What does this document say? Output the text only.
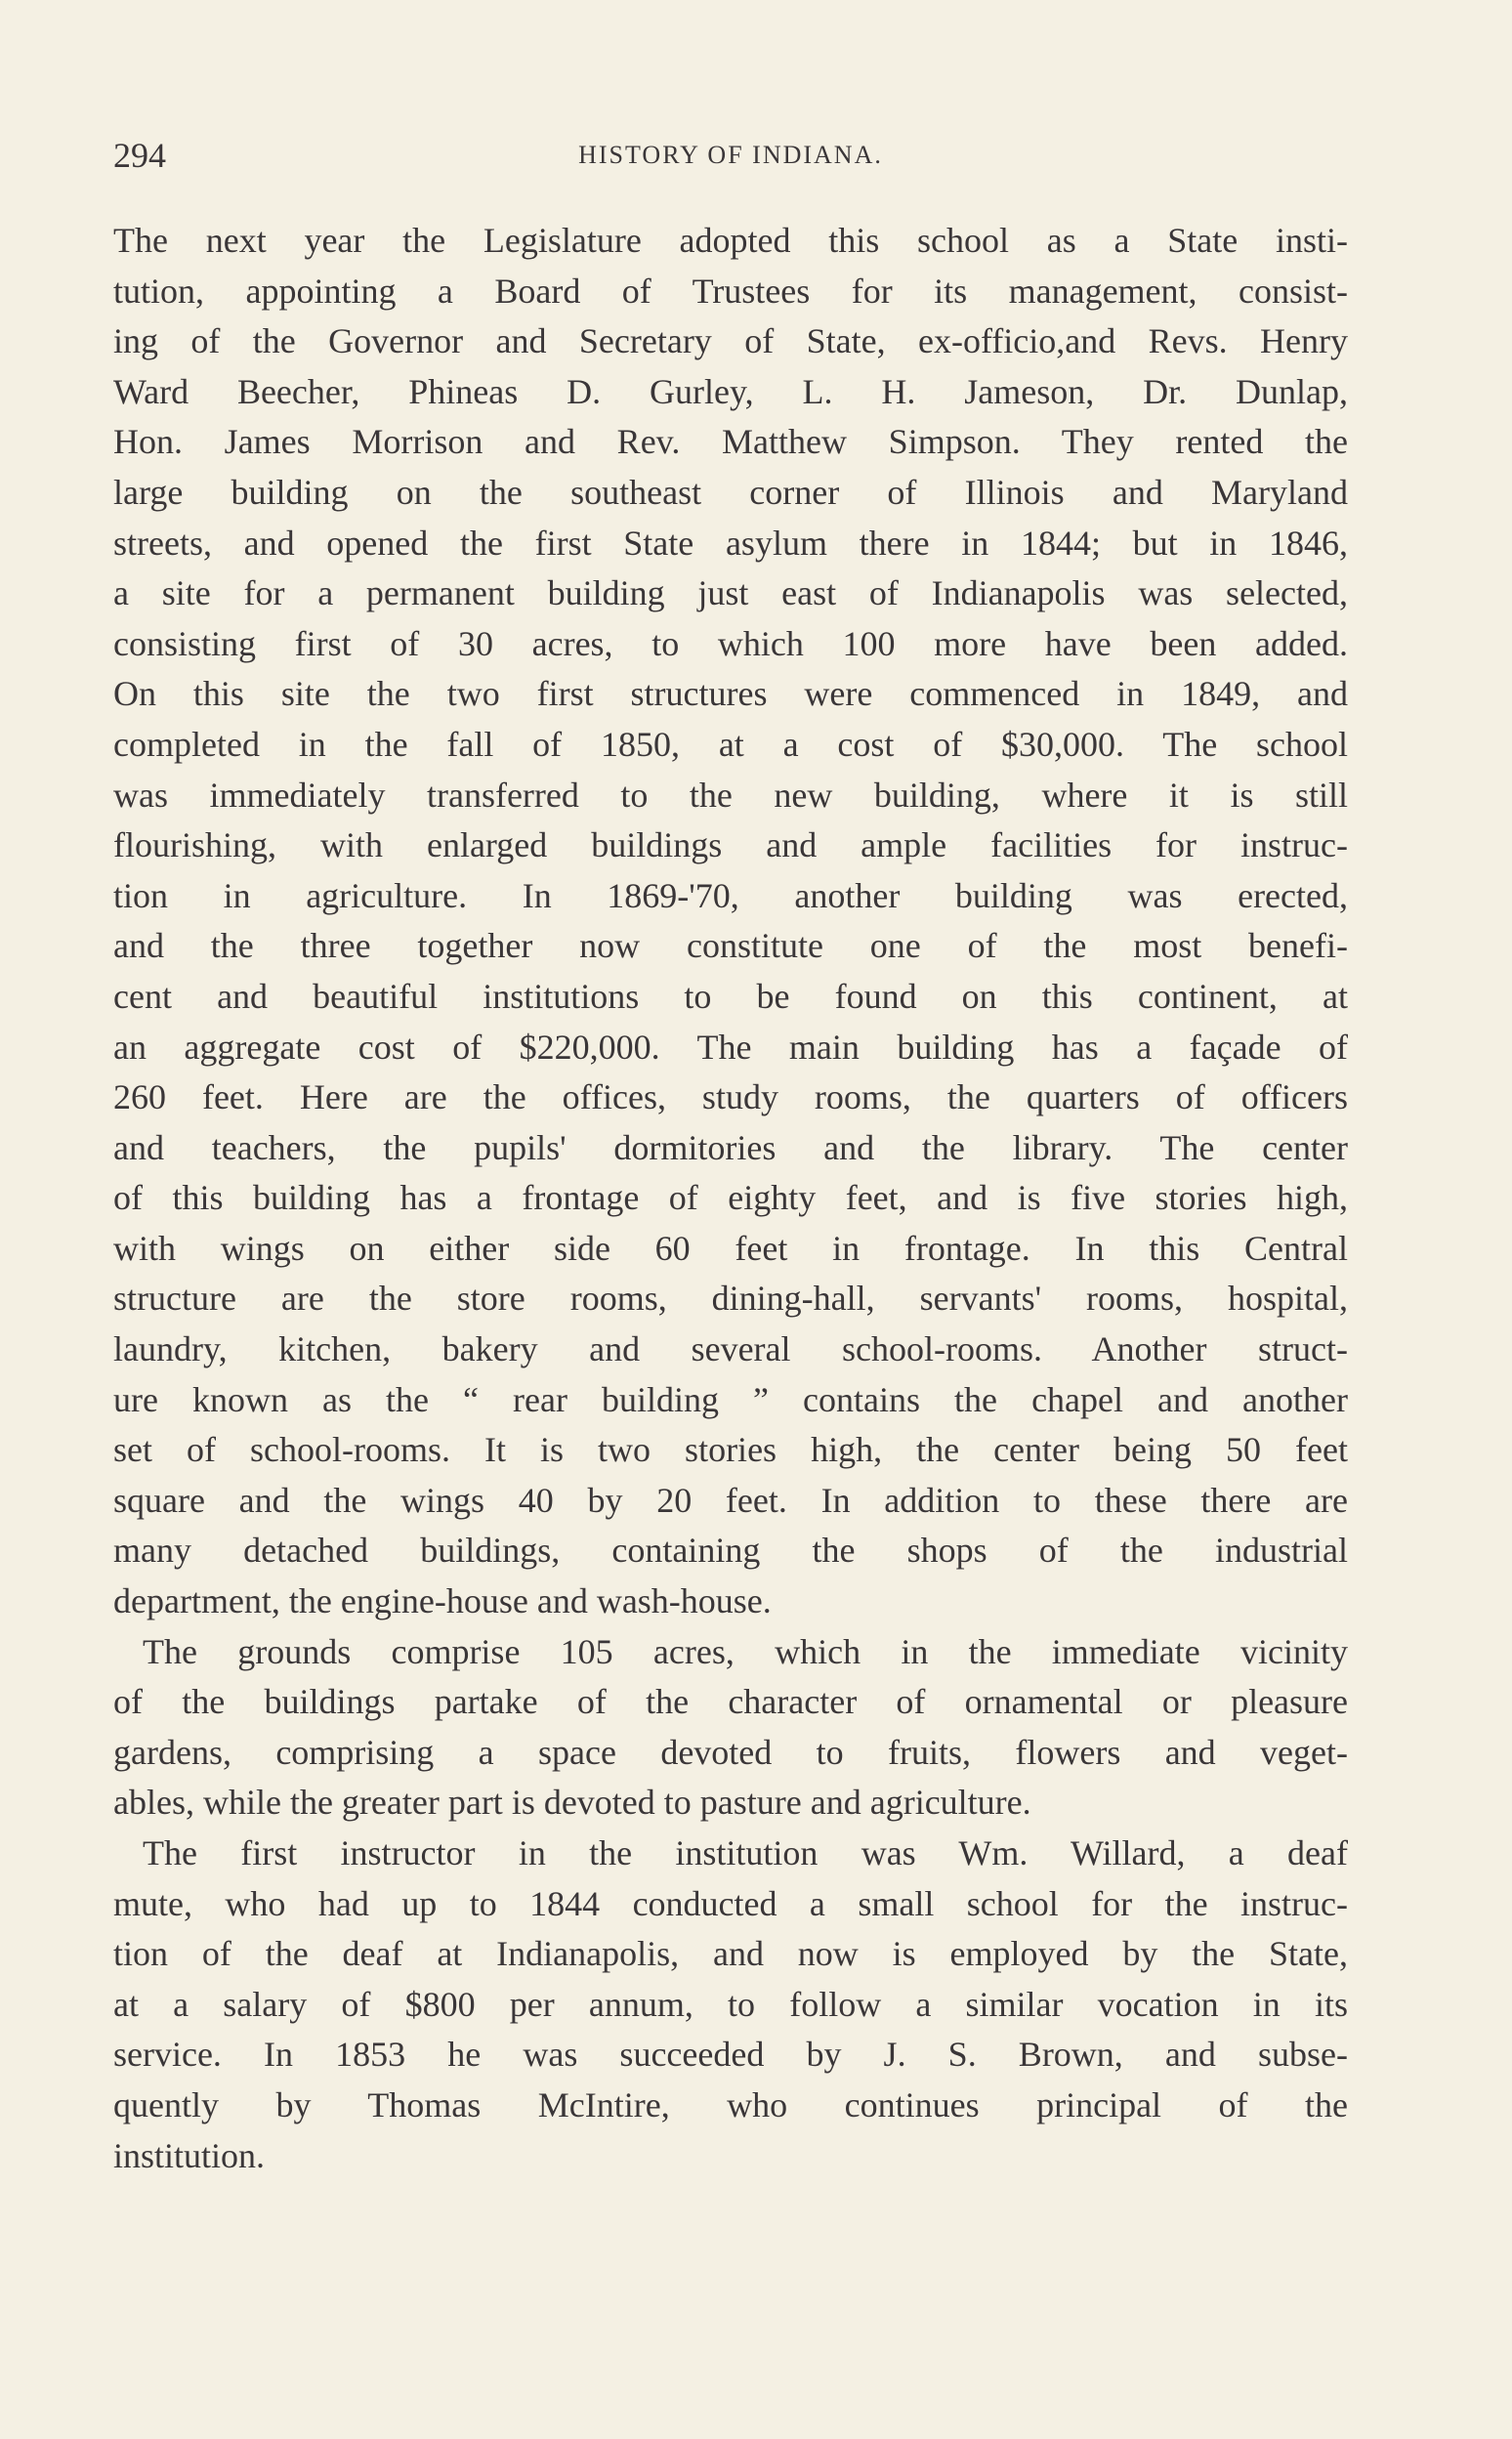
294	HISTORY OF INDIANA.
The next year the Legislature adopted this school as a State insti-
tution, appointing a Board of Trustees for its management, consist-
ing of the Governor and Secretary of State, ex-officio,and Revs. Henry
Ward Beecher, Phineas D. Gurley, L. H. Jameson, Dr. Dunlap,
Hon. James Morrison and Rev. Matthew Simpson. They rented the
large building on the southeast corner of Illinois and Maryland
streets, and opened the first State asylum there in 1844; but in 1846,
a site for a permanent building just east of Indianapolis was selected,
consisting first of 30 acres, to which 100 more have been added.
On this site the two first structures were commenced in 1849, and
completed in the fall of 1850, at a cost of $30,000. The school
was immediately transferred to the new building, where it is still
flourishing, with enlarged buildings and ample facilities for instruc-
tion in agriculture. In 1869-'70, another building was erected,
and the three together now constitute one of the most benefi-
cent and beautiful institutions to be found on this continent, at
an aggregate cost of $220,000. The main building has a façade of
260 feet. Here are the offices, study rooms, the quarters of officers
and teachers, the pupils' dormitories and the library. The center
of this building has a frontage of eighty feet, and is five stories high,
with wings on either side 60 feet in frontage. In this Central
structure are the store rooms, dining-hall, servants' rooms, hospital,
laundry, kitchen, bakery and several school-rooms. Another struct-
ure known as the “ rear building ” contains the chapel and another
set of school-rooms. It is two stories high, the center being 50 feet
square and the wings 40 by 20 feet. In addition to these there are
many detached buildings, containing the shops of the industrial
department, the engine-house and wash-house.
The grounds comprise 105 acres, which in the immediate vicinity
of the buildings partake of the character of ornamental or pleasure
gardens, comprising a space devoted to fruits, flowers and veget-
ables, while the greater part is devoted to pasture and agriculture.
The first instructor in the institution was Wm. Willard, a deaf
mute, who had up to 1844 conducted a small school for the instruc-
tion of the deaf at Indianapolis, and now is employed by the State,
at a salary of $800 per annum, to follow a similar vocation in its
service. In 1853 he was succeeded by J. S. Brown, and subse-
quently by Thomas McIntire, who continues principal of the
institution.
